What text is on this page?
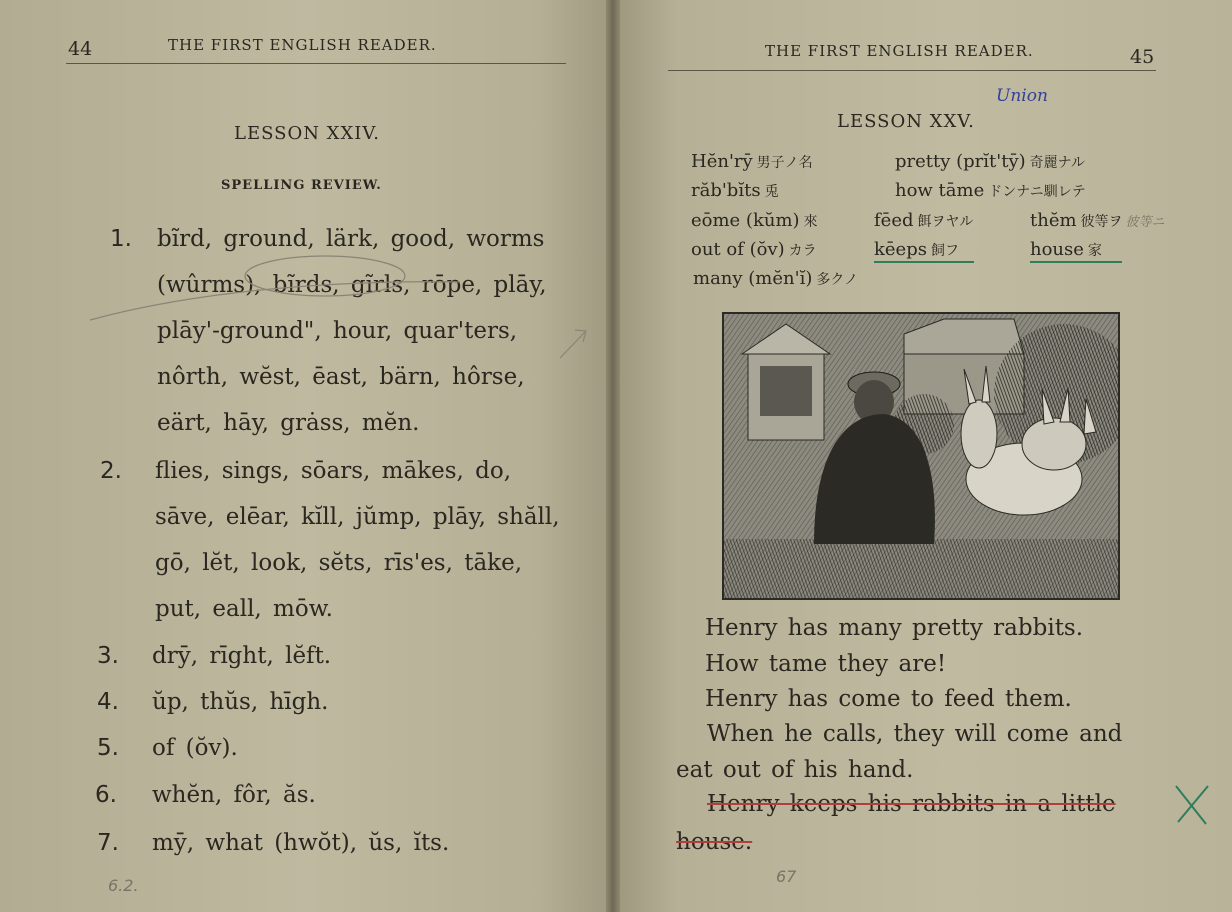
44	THE FIRST ENGLISH READER.
LESSON XXIV.
SPELLING REVIEW.
1. bĩrd, ground, lärk, good, worms
(wûrms), bĩrds, gĩrls, rōpe, plāy,
plāy'-ground", hour, quar'ters,
nôrth, wĕst, ēast, bärn, hôrse,
eärt, hāy, grȧss, mĕn.
2. flies, sings, sōars, mākes, do,
sāve, elēar, kĭll, jŭmp, plāy, shăll,
gō, lĕt, look, sĕts, rīs'es, tāke,
put, eall, mōw.
3. drȳ, rīght, lĕft.
4. ŭp, thŭs, hīgh.
5. of (ŏv).
6. whĕn, fôr, ăs.
7. mȳ, what (hwŏt), ŭs, ĭts.
6.2.
THE FIRST ENGLISH READER.	45
LESSON XXV.
Union
Hĕn'rȳ 男子ノ名	pretty (prĭt'tȳ) 奇麗ナル
răb'bĭts 兎	how tāme ドンナニ馴レテ
eōme (kŭm) 來	fēed 餌ヲヤル	thĕm 彼等ヲ 彼等ニ
out of (ŏv) カラ	kēeps 飼フ	house 家
many (mĕn'ĭ) 多クノ
Henry has many pretty rabbits.
How tame they are!
Henry has come to feed them.
When he calls, they will come and
eat out of his hand.
Henry keeps his rabbits in a little
house.
67
